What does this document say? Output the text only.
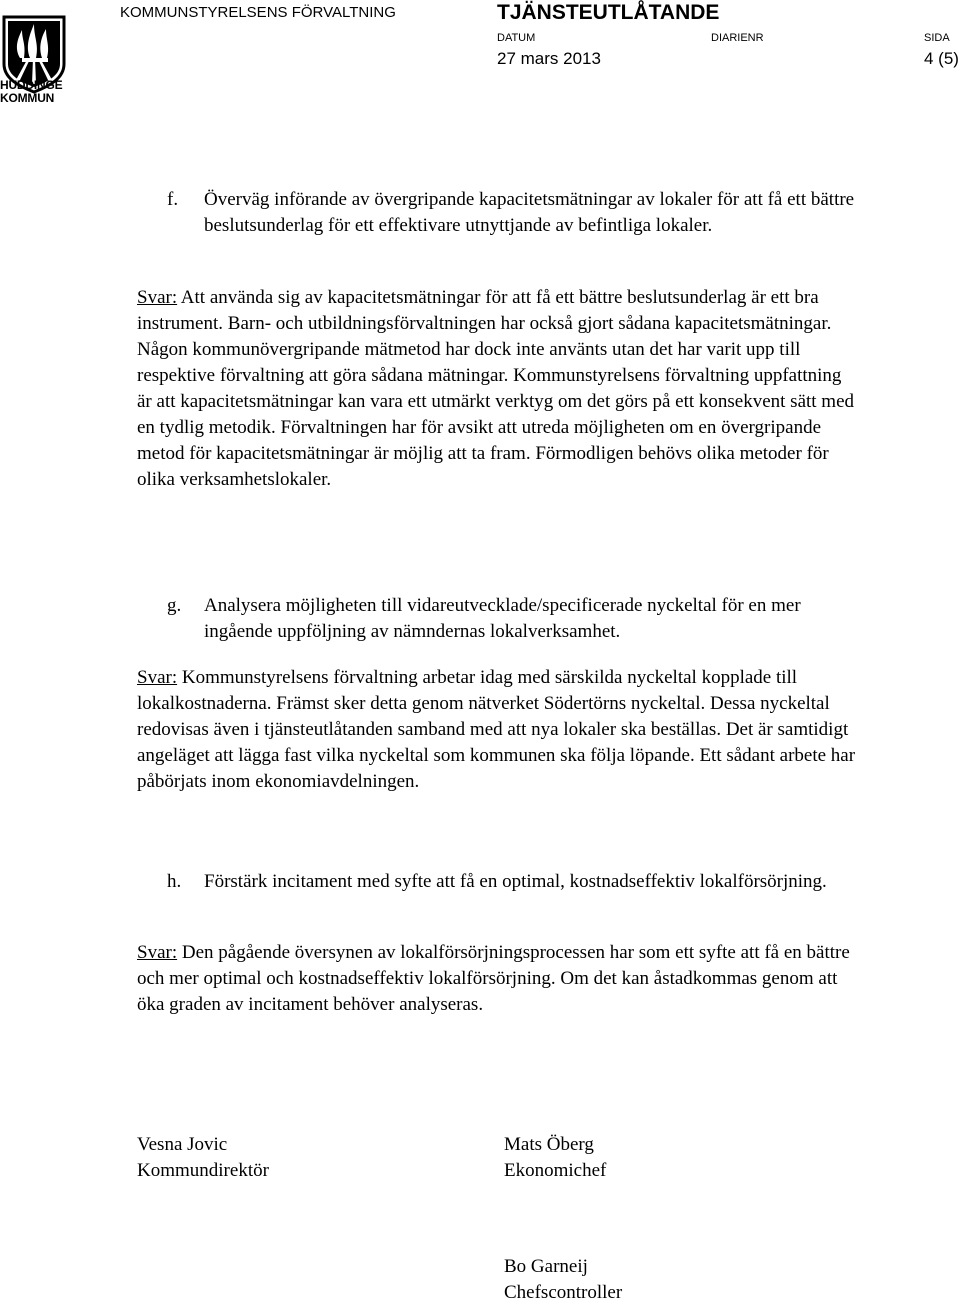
HUDDINGE
KOMMUN
KOMMUNSTYRELSENS FÖRVALTNING	TJÄNSTEUTLÅTANDE
DATUM
27 mars 2013
DIARIENR	SIDA
4 (5)
f. Överväg införande av övergripande kapacitetsmätningar av lokaler för att få ett bättre beslutsunderlag för ett effektivare utnyttjande av befintliga lokaler.

Svar: Att använda sig av kapacitetsmätningar för att få ett bättre beslutsunderlag är ett bra instrument. Barn- och utbildningsförvaltningen har också gjort sådana kapacitetsmätningar. Någon kommunövergripande mätmetod har dock inte använts utan det har varit upp till respektive förvaltning att göra sådana mätningar. Kommunstyrelsens förvaltning uppfattning är att kapacitetsmätningar kan vara ett utmärkt verktyg om det görs på ett konsekvent sätt med en tydlig metodik. Förvaltningen har för avsikt att utreda möjligheten om en övergripande metod för kapacitetsmätningar är möjlig att ta fram. Förmodligen behövs olika metoder för olika verksamhetslokaler.

g. Analysera möjligheten till vidareutvecklade/specificerade nyckeltal för en mer ingående uppföljning av nämndernas lokalverksamhet.

Svar: Kommunstyrelsens förvaltning arbetar idag med särskilda nyckeltal kopplade till lokalkostnaderna. Främst sker detta genom nätverket Södertörns nyckeltal. Dessa nyckeltal redovisas även i tjänsteutlåtanden samband med att nya lokaler ska beställas. Det är samtidigt angeläget att lägga fast vilka nyckeltal som kommunen ska följa löpande. Ett sådant arbete har påbörjats inom ekonomiavdelningen.

h. Förstärk incitament med syfte att få en optimal, kostnadseffektiv lokalförsörjning.

Svar: Den pågående översynen av lokalförsörjningsprocessen har som ett syfte att få en bättre och mer optimal och kostnadseffektiv lokalförsörjning. Om det kan åstadkommas genom att öka graden av incitament behöver analyseras.

Vesna Jovic
Kommundirektör
Mats Öberg
Ekonomichef
Bo Garneij
Chefscontroller
